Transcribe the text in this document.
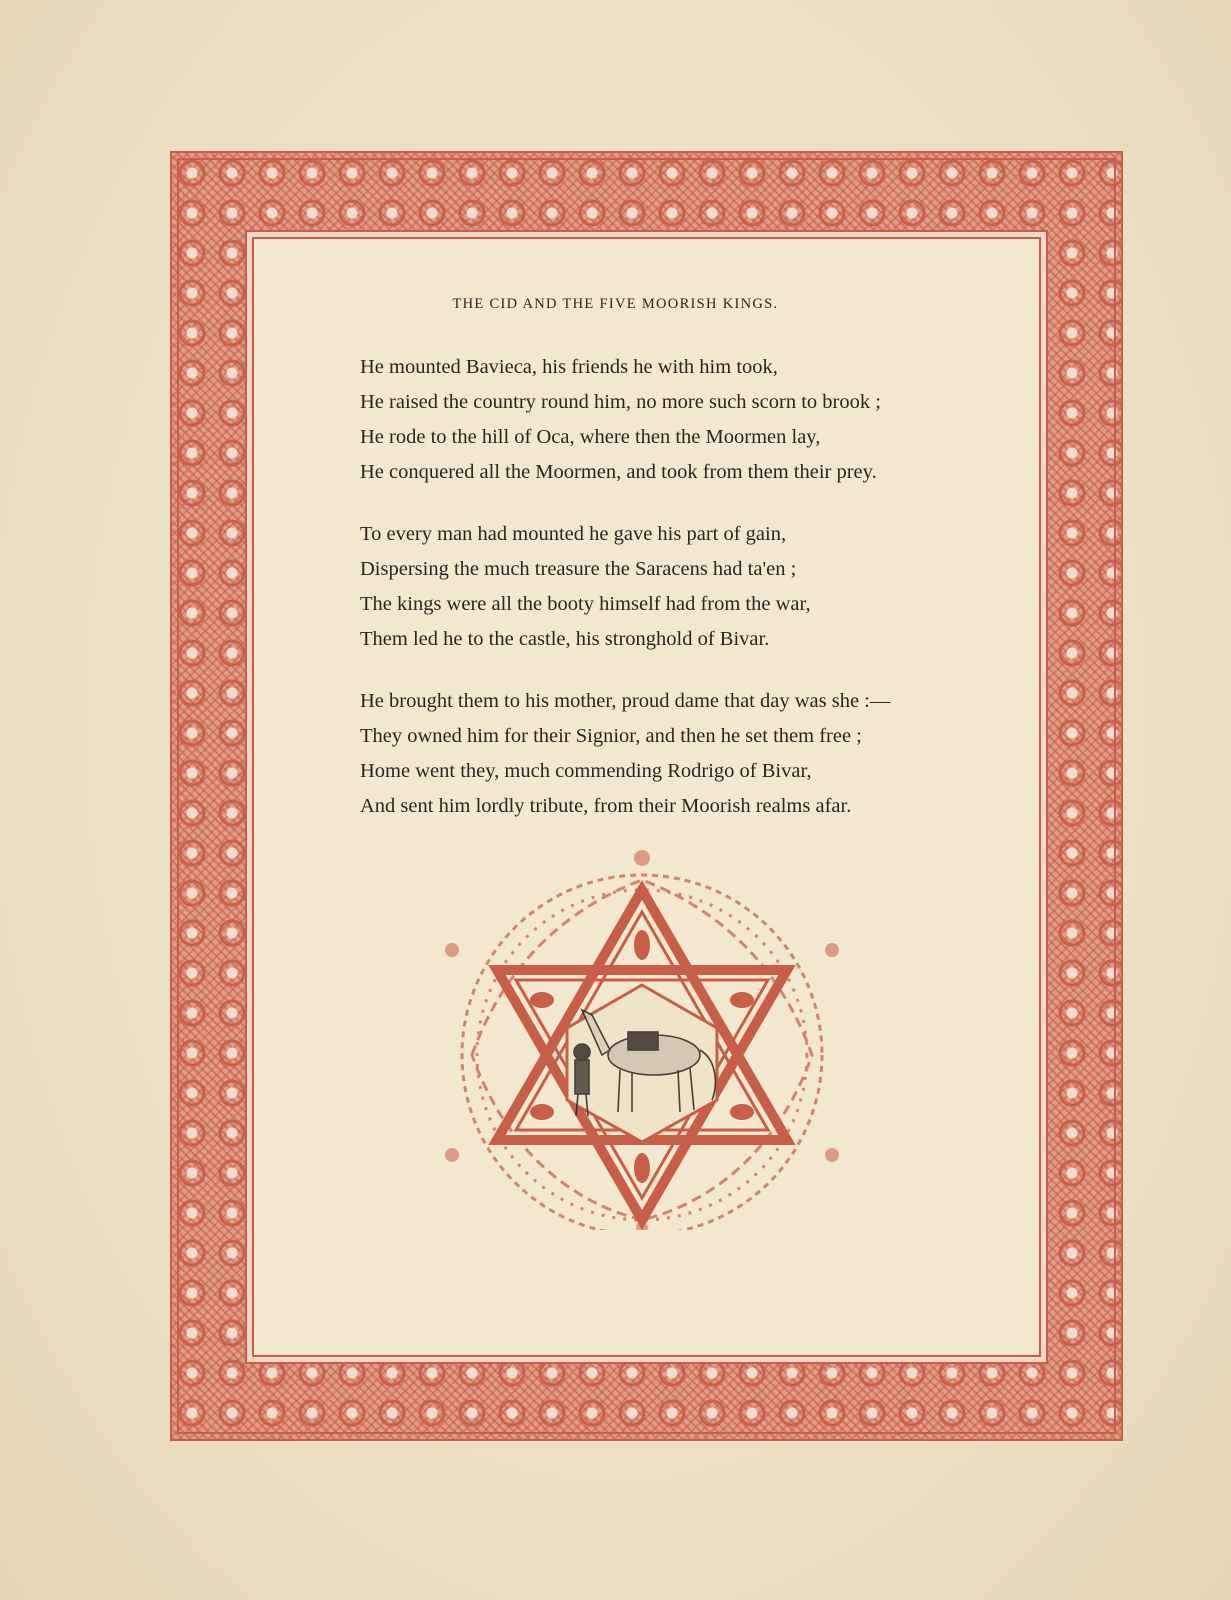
THE CID AND THE FIVE MOORISH KINGS.
He mounted Bavieca, his friends he with him took,
He raised the country round him, no more such scorn to brook ;
He rode to the hill of Oca, where then the Moormen lay,
He conquered all the Moormen, and took from them their prey.
To every man had mounted he gave his part of gain,
Dispersing the much treasure the Saracens had ta'en ;
The kings were all the booty himself had from the war,
Them led he to the castle, his stronghold of Bivar.
He brought them to his mother, proud dame that day was she :—
They owned him for their Signior, and then he set them free ;
Home went they, much commending Rodrigo of Bivar,
And sent him lordly tribute, from their Moorish realms afar.
